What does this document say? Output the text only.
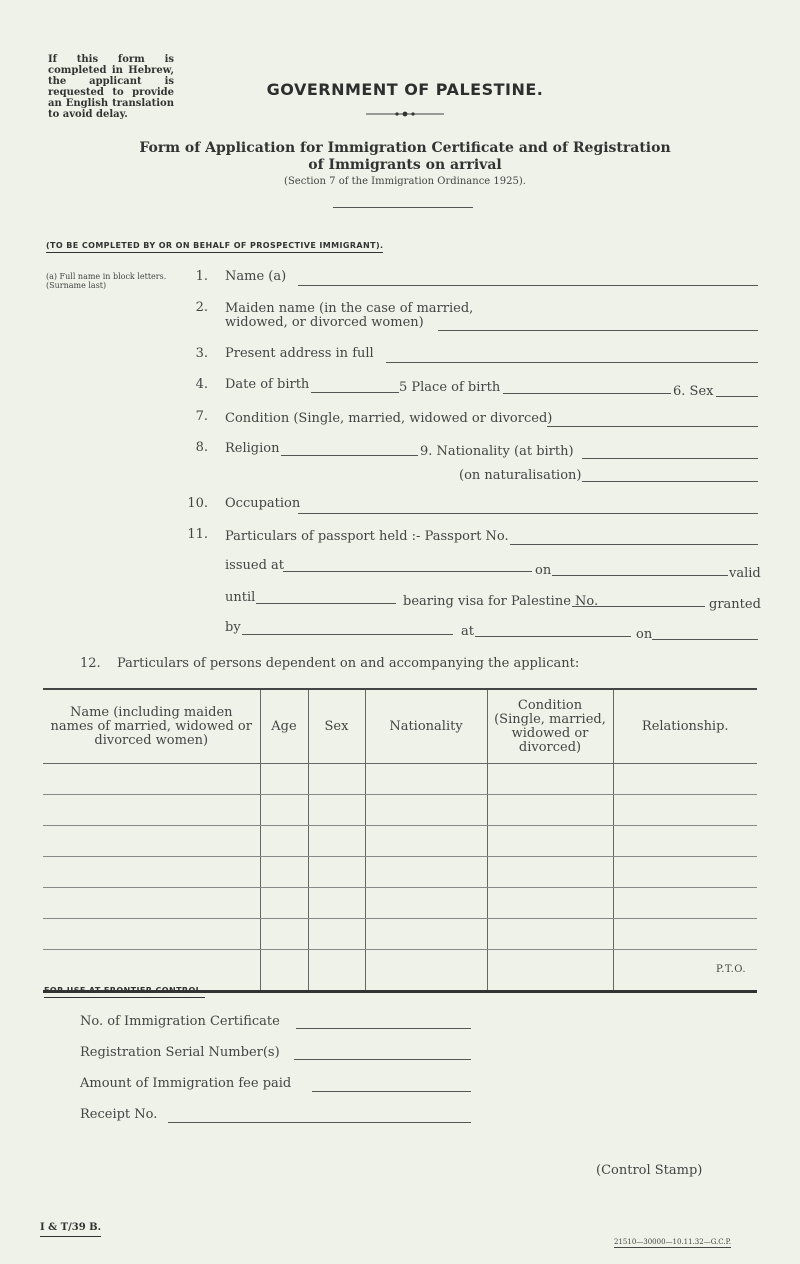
If this form is completed in Hebrew, the applicant is requested to provide an English translation to avoid delay.
GOVERNMENT OF PALESTINE.
Form of Application for Immigration Certificate and of Registration
of Immigrants on arrival
(Section 7 of the Immigration Ordinance 1925).
(TO BE COMPLETED BY OR ON BEHALF OF PROSPECTIVE IMMIGRANT).
(a) Full name in block letters.
(Surname last)
1. Name (a)
2. Maiden name (in the case of married,
widowed, or divorced women)
3. Present address in full
4. Date of birth	5 Place of birth	6. Sex
7. Condition (Single, married, widowed or divorced)
8. Religion	9. Nationality (at birth)
(on naturalisation)
10. Occupation
11. Particulars of passport held :- Passport No.
issued at	on	valid
until	bearing visa for Palestine No.	granted
by	at	on
12. Particulars of persons dependent on and accompanying the applicant:
Name (including maiden names of married, widowed or divorced women)	Age	Sex	Nationality	Condition (Single, married, widowed or divorced)	Relationship.

P.T.O.
FOR USE AT FRONTIER CONTROL.
No. of Immigration Certificate
Registration Serial Number(s)
Amount of Immigration fee paid
Receipt No.
(Control Stamp)
I & T/39 B.
21510—30000—10.11.32—G.C.P.
